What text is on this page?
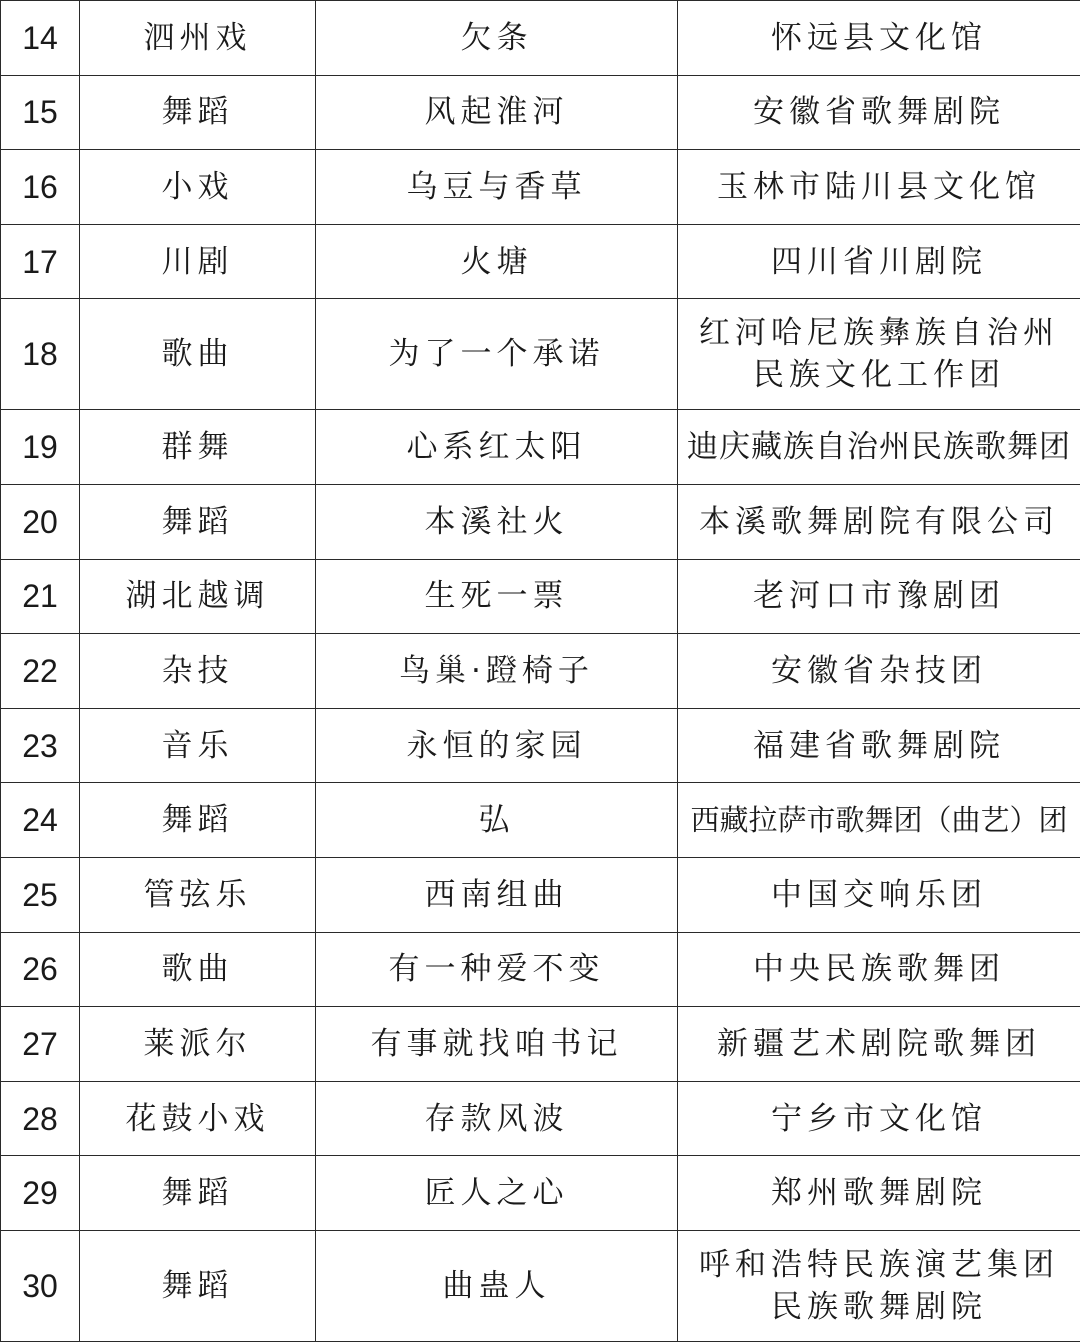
14	泗州戏	欠条	怀远县文化馆
15	舞蹈	风起淮河	安徽省歌舞剧院
16	小戏	乌豆与香草	玉林市陆川县文化馆
17	川剧	火塘	四川省川剧院
18	歌曲	为了一个承诺	红河哈尼族彝族自治州
民族文化工作团

19	群舞	心系红太阳	迪庆藏族自治州民族歌舞团
20	舞蹈	本溪社火	本溪歌舞剧院有限公司
21	湖北越调	生死一票	老河口市豫剧团
22	杂技	鸟巢·蹬椅子	安徽省杂技团
23	音乐	永恒的家园	福建省歌舞剧院
24	舞蹈	弘	西藏拉萨市歌舞团（曲艺）团
25	管弦乐	西南组曲	中国交响乐团
26	歌曲	有一种爱不变	中央民族歌舞团
27	莱派尔	有事就找咱书记	新疆艺术剧院歌舞团
28	花鼓小戏	存款风波	宁乡市文化馆
29	舞蹈	匠人之心	郑州歌舞剧院
30	舞蹈	曲蛊人	呼和浩特民族演艺集团
民族歌舞剧院
